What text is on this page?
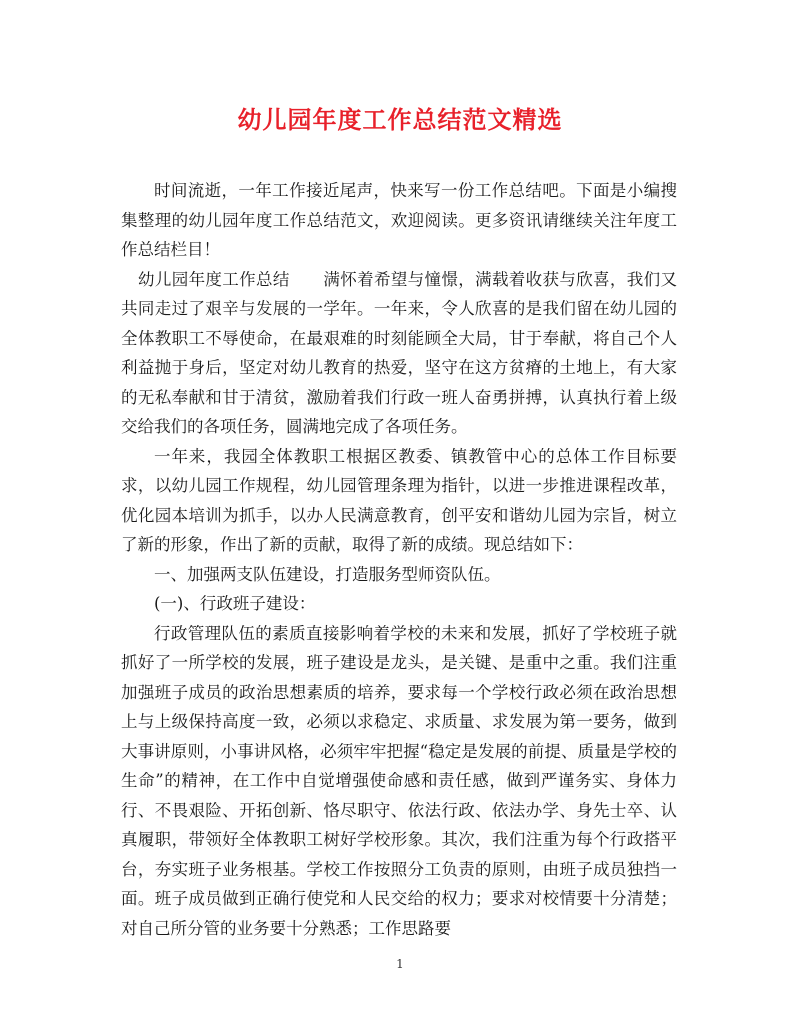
幼儿园年度工作总结范文精选

时间流逝，一年工作接近尾声，快来写一份工作总结吧。下面是小编搜集整理的幼儿园年度工作总结范文，欢迎阅读。更多资讯请继续关注年度工作总结栏目！

幼儿园年度工作总结　　满怀着希望与憧憬，满载着收获与欣喜，我们又共同走过了艰辛与发展的一学年。一年来，令人欣喜的是我们留在幼儿园的全体教职工不辱使命，在最艰难的时刻能顾全大局，甘于奉献，将自己个人利益抛于身后，坚定对幼儿教育的热爱，坚守在这方贫瘠的土地上，有大家的无私奉献和甘于清贫，激励着我们行政一班人奋勇拼搏，认真执行着上级交给我们的各项任务，圆满地完成了各项任务。

一年来，我园全体教职工根据区教委、镇教管中心的总体工作目标要求，以幼儿园工作规程，幼儿园管理条理为指针，以进一步推进课程改革，优化园本培训为抓手，以办人民满意教育，创平安和谐幼儿园为宗旨，树立了新的形象，作出了新的贡献，取得了新的成绩。现总结如下：

一、加强两支队伍建设，打造服务型师资队伍。

(一)、行政班子建设：

行政管理队伍的素质直接影响着学校的未来和发展，抓好了学校班子就抓好了一所学校的发展，班子建设是龙头，是关键、是重中之重。我们注重加强班子成员的政治思想素质的培养，要求每一个学校行政必须在政治思想上与上级保持高度一致，必须以求稳定、求质量、求发展为第一要务，做到大事讲原则，小事讲风格，必须牢牢把握“稳定是发展的前提、质量是学校的生命”的精神，在工作中自觉增强使命感和责任感，做到严谨务实、身体力行、不畏艰险、开拓创新、恪尽职守、依法行政、依法办学、身先士卒、认真履职，带领好全体教职工树好学校形象。其次，我们注重为每个行政搭平台，夯实班子业务根基。学校工作按照分工负责的原则，由班子成员独挡一面。班子成员做到正确行使党和人民交给的权力；要求对校情要十分清楚；对自己所分管的业务要十分熟悉；工作思路要

1
